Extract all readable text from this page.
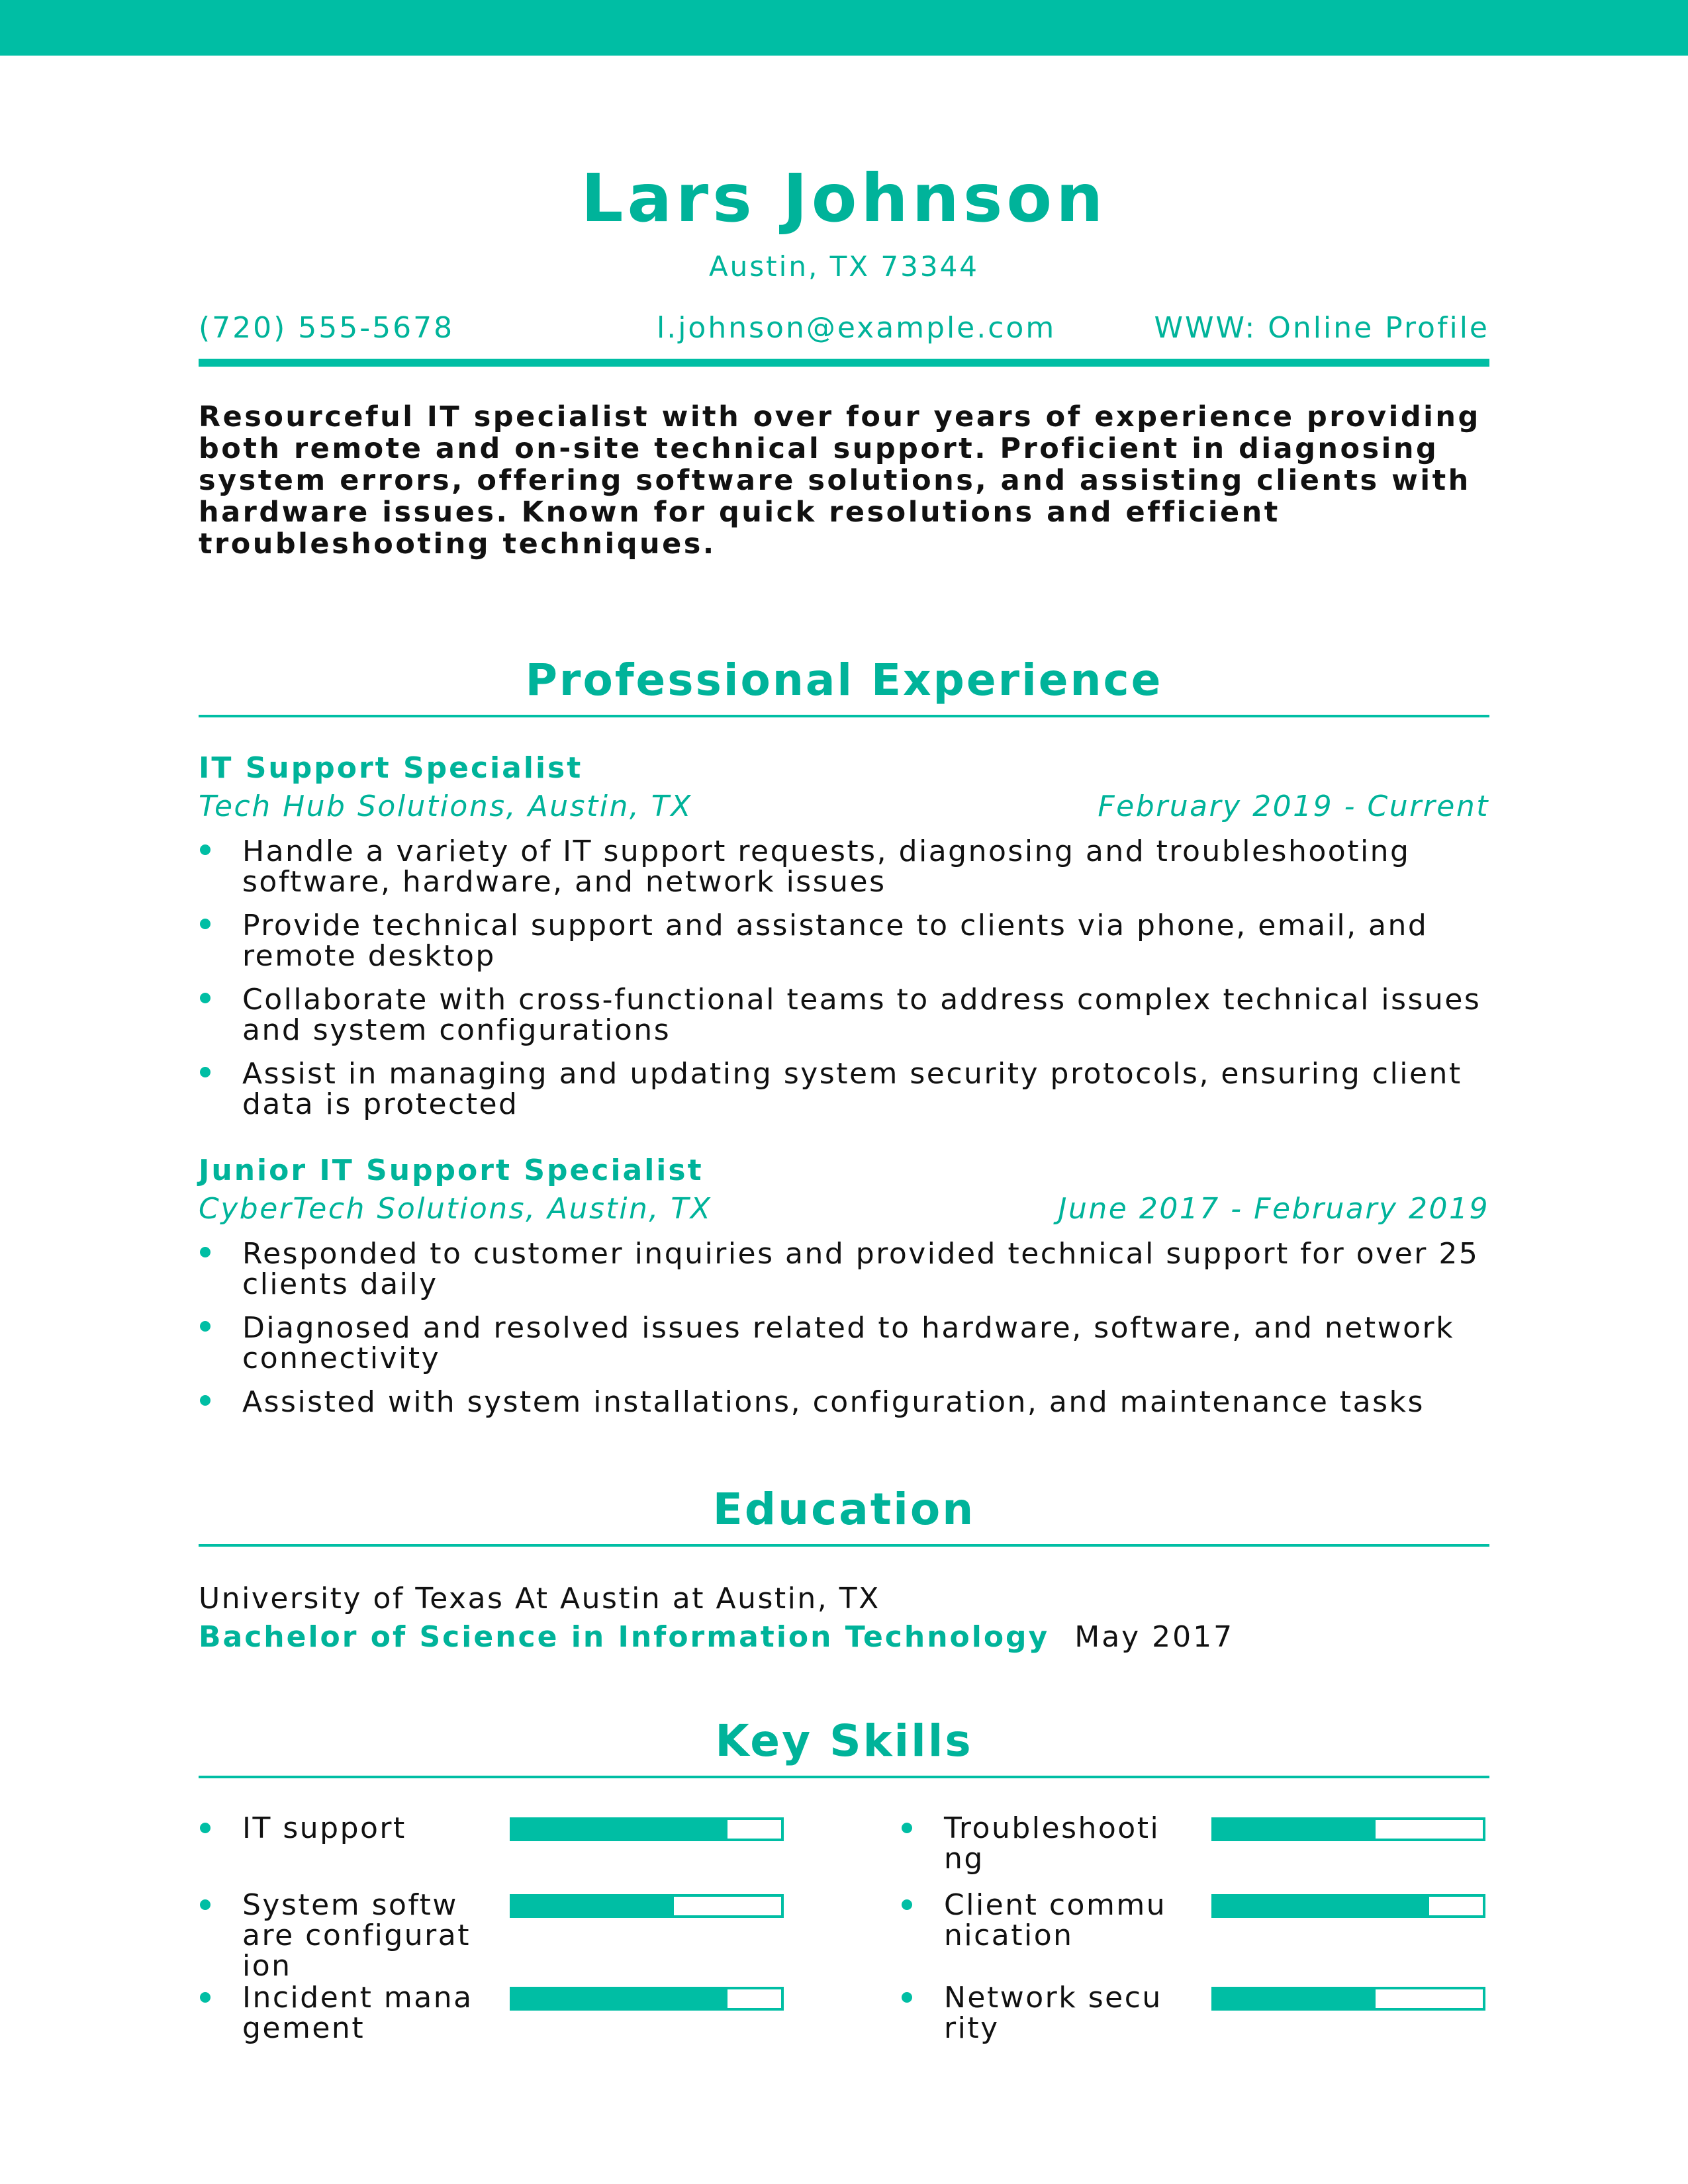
Lars Johnson
Austin, TX 73344
(720) 555-5678	l.johnson@example.com	WWW: Online Profile
Resourceful IT specialist with over four years of experience providing both remote and on-site technical support. Proficient in diagnosing system errors, offering software solutions, and assisting clients with hardware issues. Known for quick resolutions and efficient troubleshooting techniques.
Professional Experience
IT Support Specialist
Tech Hub Solutions, Austin, TX	February 2019 - Current
Handle a variety of IT support requests, diagnosing and troubleshooting software, hardware, and network issues
Provide technical support and assistance to clients via phone, email, and remote desktop
Collaborate with cross-functional teams to address complex technical issues and system configurations
Assist in managing and updating system security protocols, ensuring client data is protected
Junior IT Support Specialist
CyberTech Solutions, Austin, TX	June 2017 - February 2019
Responded to customer inquiries and provided technical support for over 25 clients daily
Diagnosed and resolved issues related to hardware, software, and network connectivity
Assisted with system installations, configuration, and maintenance tasks
Education
University of Texas At Austin at Austin, TX
Bachelor of Science in Information Technology May 2017
Key Skills
IT support	Troubleshooting
System software configuration
Client communication
Incident management
Network security
